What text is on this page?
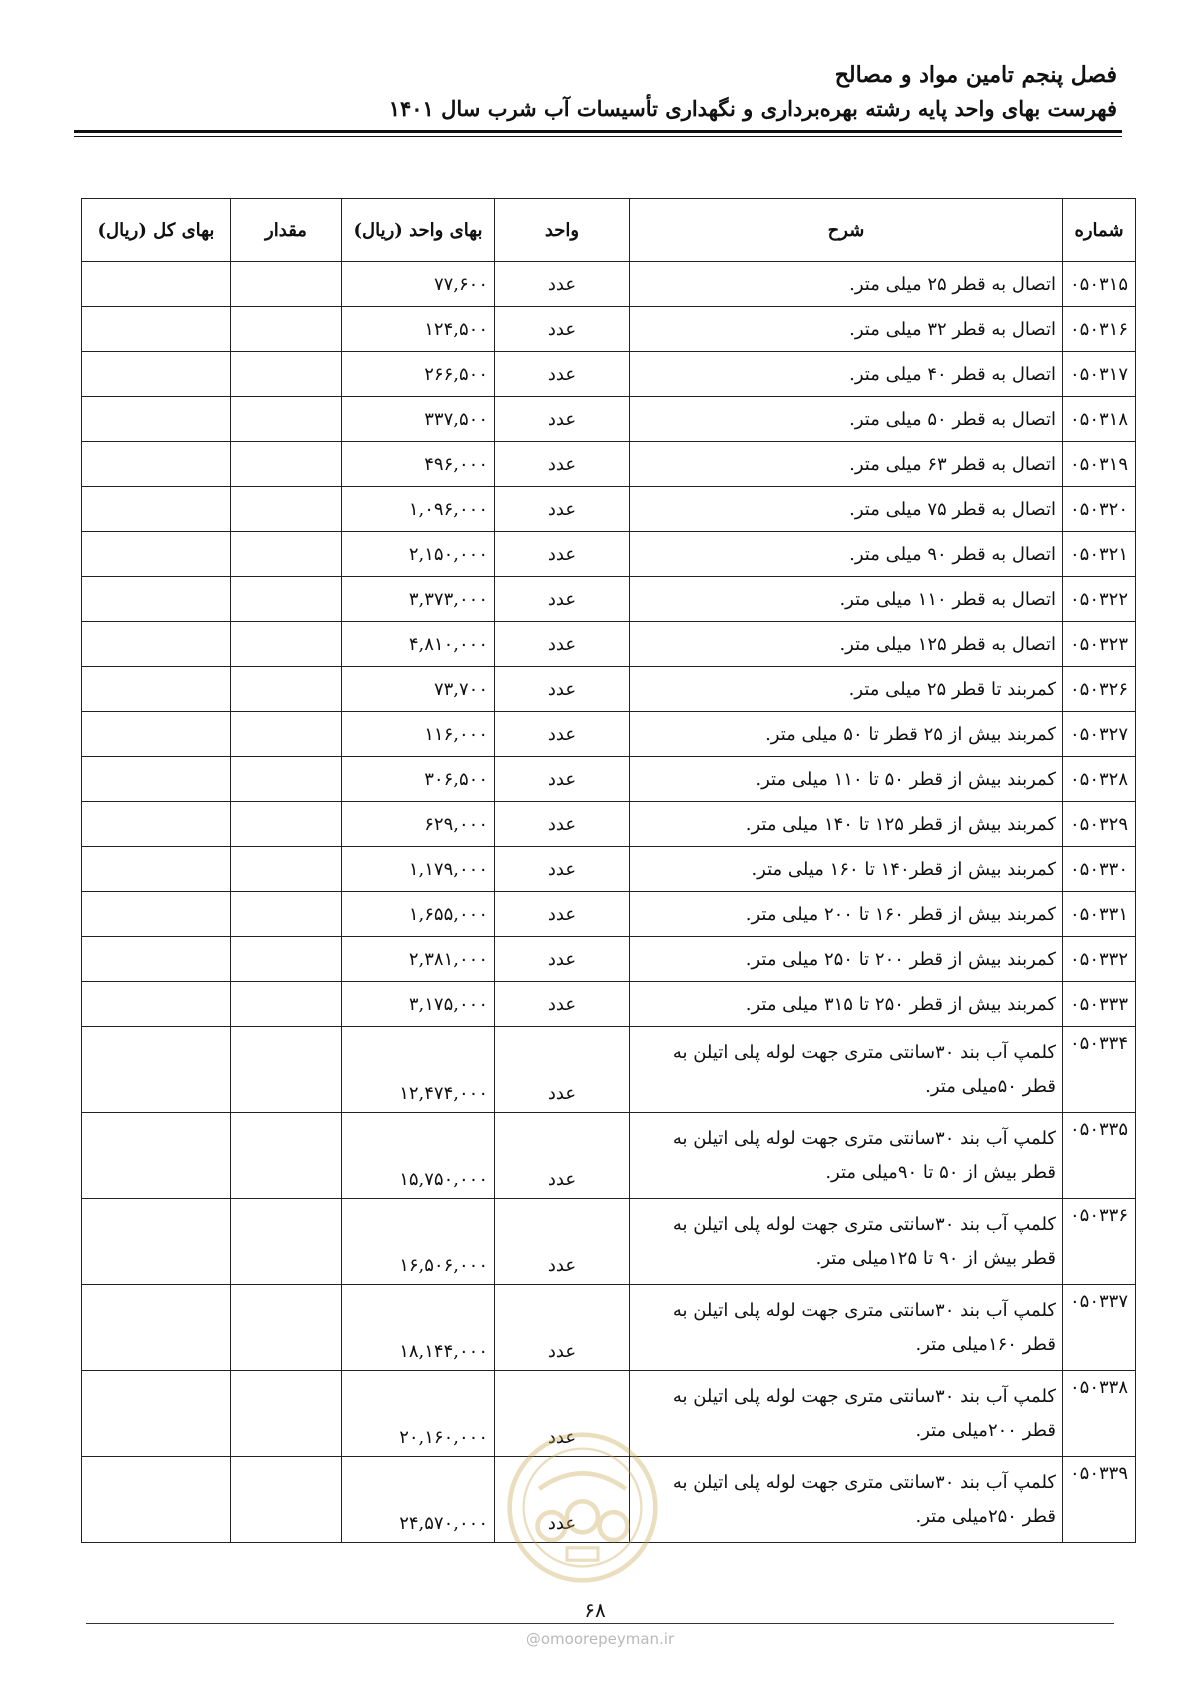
فصل پنجم تامین مواد و مصالح
فهرست بهای واحد پایه رشته بهره‌برداری و نگهداری تأسیسات آب شرب سال ۱۴۰۱
شماره	شرح	واحد	بهای واحد (ریال)	مقدار	بهای کل (ریال)
۰۵۰۳۱۵	اتصال به قطر ۲۵ میلی متر.	عدد	۷۷,۶۰۰		
۰۵۰۳۱۶	اتصال به قطر ۳۲ میلی متر.	عدد	۱۲۴,۵۰۰		
۰۵۰۳۱۷	اتصال به قطر ۴۰ میلی متر.	عدد	۲۶۶,۵۰۰		
۰۵۰۳۱۸	اتصال به قطر ۵۰ میلی متر.	عدد	۳۳۷,۵۰۰		
۰۵۰۳۱۹	اتصال به قطر ۶۳ میلی متر.	عدد	۴۹۶,۰۰۰		
۰۵۰۳۲۰	اتصال به قطر ۷۵ میلی متر.	عدد	۱,۰۹۶,۰۰۰		
۰۵۰۳۲۱	اتصال به قطر ۹۰ میلی متر.	عدد	۲,۱۵۰,۰۰۰		
۰۵۰۳۲۲	اتصال به قطر ۱۱۰ میلی متر.	عدد	۳,۳۷۳,۰۰۰		
۰۵۰۳۲۳	اتصال به قطر ۱۲۵ میلی متر.	عدد	۴,۸۱۰,۰۰۰		
۰۵۰۳۲۶	کمربند تا قطر ۲۵ میلی متر.	عدد	۷۳,۷۰۰		
۰۵۰۳۲۷	کمربند بیش از ۲۵ قطر تا ۵۰ میلی متر.	عدد	۱۱۶,۰۰۰		
۰۵۰۳۲۸	کمربند بیش از قطر ۵۰ تا ۱۱۰ میلی متر.	عدد	۳۰۶,۵۰۰		
۰۵۰۳۲۹	کمربند بیش از قطر ۱۲۵ تا ۱۴۰ میلی متر.	عدد	۶۲۹,۰۰۰		
۰۵۰۳۳۰	کمربند بیش از قطر۱۴۰ تا ۱۶۰ میلی متر.	عدد	۱,۱۷۹,۰۰۰		
۰۵۰۳۳۱	کمربند بیش از قطر ۱۶۰ تا ۲۰۰ میلی متر.	عدد	۱,۶۵۵,۰۰۰		
۰۵۰۳۳۲	کمربند بیش از قطر ۲۰۰ تا ۲۵۰ میلی متر.	عدد	۲,۳۸۱,۰۰۰		
۰۵۰۳۳۳	کمربند بیش از قطر ۲۵۰ تا ۳۱۵ میلی متر.	عدد	۳,۱۷۵,۰۰۰		
۰۵۰۳۳۴	کلمپ آب بند ۳۰سانتی متری جهت لوله پلی اتیلن به قطر ۵۰میلی متر.	عدد	۱۲,۴۷۴,۰۰۰		
۰۵۰۳۳۵	کلمپ آب بند ۳۰سانتی متری جهت لوله پلی اتیلن به قطر بیش از ۵۰ تا ۹۰میلی متر.	عدد	۱۵,۷۵۰,۰۰۰		
۰۵۰۳۳۶	کلمپ آب بند ۳۰سانتی متری جهت لوله پلی اتیلن به قطر بیش از ۹۰ تا ۱۲۵میلی متر.	عدد	۱۶,۵۰۶,۰۰۰		
۰۵۰۳۳۷	کلمپ آب بند ۳۰سانتی متری جهت لوله پلی اتیلن به قطر ۱۶۰میلی متر.	عدد	۱۸,۱۴۴,۰۰۰		
۰۵۰۳۳۸	کلمپ آب بند ۳۰سانتی متری جهت لوله پلی اتیلن به قطر ۲۰۰میلی متر.	عدد	۲۰,۱۶۰,۰۰۰		
۰۵۰۳۳۹	کلمپ آب بند ۳۰سانتی متری جهت لوله پلی اتیلن به قطر ۲۵۰میلی متر.	عدد	۲۴,۵۷۰,۰۰۰		
۶۸
@omoorepeyman.ir
